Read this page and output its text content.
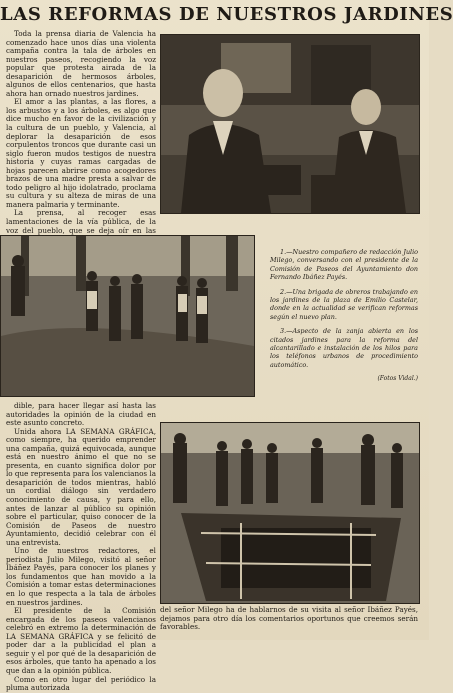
LAS REFORMAS DE NUESTROS JARDINES

Toda la prensa diaria de Valencia ha comenzado hace unos días una violenta campaña contra la tala de árboles en nuestros paseos, recogiendo la voz popular que protesta airada de la desaparición de hermosos árboles, algunos de ellos centenarios, que hasta ahora han ornado nuestros jardines.

El amor a las plantas, a las flores, a los arbustos y a los árboles, es algo que dice mucho en favor de la civilización y la cultura de un pueblo, y Valencia, al deplorar la desaparición de esos corpulentos troncos que durante casi un siglo fueron mudos testigos de nuestra historia y cuyas ramas cargadas de hojas parecen abrirse como acogedores brazos de una madre presta a salvar de todo peligro al hijo idolatrado, proclama su cultura y su alteza de miras de una manera palmaria y terminante.

La prensa, al recoger esas lamentaciones de la vía pública, de la voz del pueblo, que se deja oír en las

1.—Nuestro compañero de redacción Julio Milego, conversando con el presidente de la Comisión de Paseos del Ayuntamiento don Fernando Ibáñez Payés.

2.—Una brigada de obreros trabajando en los jardines de la plaza de Emilio Castelar, donde en la actualidad se verifican reformas según el nuevo plan.

3.—Aspecto de la zanja abierta en los citados jardines para la reforma del alcantarillado e instalación de los hilos para los teléfonos urbanos de procedimiento automático.

(Fotos Vidal.)

dible, para hacer llegar así hasta las autoridades la opinión de la ciudad en este asunto concreto.

Unida ahora LA SEMANA GRÁFICA, como siempre, ha querido emprender una campaña, quizá equivocada, aunque está en nuestro ánimo el que no se presenta, en cuanto significa dolor por lo que representa para los valencianos la desaparición de todos mientras, habló un cordial diálogo sin verdadero conocimiento de causa, y para ello, antes de lanzar al público su opinión sobre el particular, quiso conocer de la Comisión de Paseos de nuestro Ayuntamiento, decidió celebrar con él una entrevista.

Uno de nuestros redactores, el periodista Julio Milego, visitó al señor Ibáñez Payés, para conocer los planes y los fundamentos que han movido a la Comisión a tomar estas determinaciones en lo que respecta a la tala de árboles en nuestros jardines.

El presidente de la Comisión encargada de los paseos valencianos celebró en extremo la determinación de LA SEMANA GRÁFICA y se felicitó de poder dar a la publicidad el plan a seguir y el por qué de la desaparición de esos árboles, que tanto ha apenado a los que dan a la opinión pública.

Como en otro lugar del periódico la pluma autorizada

del señor Milego ha de hablarnos de su visita al señor Ibáñez Payés, dejamos para otro día los comentarios oportunos que creemos serán favorables.
